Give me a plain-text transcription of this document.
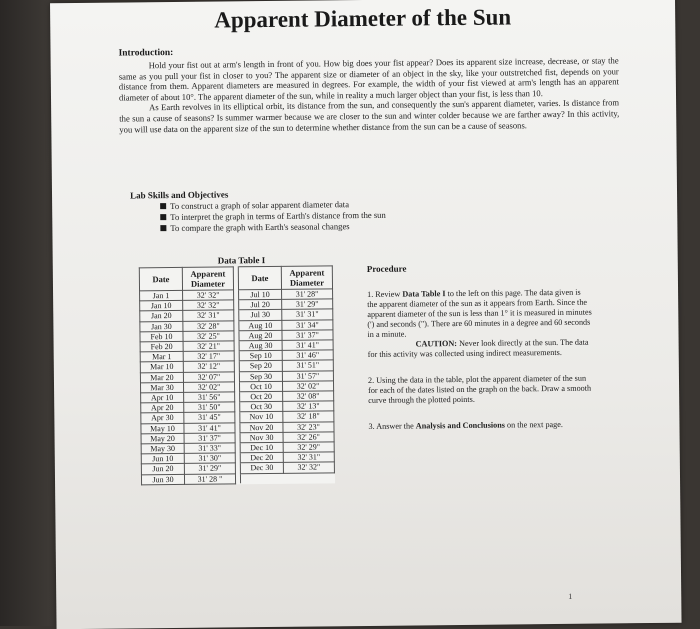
Apparent Diameter of the Sun
Introduction:

Hold your fist out at arm's length in front of you. How big does your fist appear? Does its apparent size increase, decrease, or stay the same as you pull your fist in closer to you? The apparent size or diameter of an object in the sky, like your outstretched fist, depends on your distance from them. Apparent diameters are measured in degrees. For example, the width of your fist viewed at arm's length has an apparent diameter of about 10°. The apparent diameter of the sun, while in reality a much larger object than your fist, is less than 10.

As Earth revolves in its elliptical orbit, its distance from the sun, and consequently the sun's apparent diameter, varies. Is distance from the sun a cause of seasons? Is summer warmer because we are closer to the sun and winter colder because we are farther away? In this activity, you will use data on the apparent size of the sun to determine whether distance from the sun can be a cause of seasons.

Lab Skills and Objectives
To construct a graph of solar apparent diameter data
To interpret the graph in terms of Earth's distance from the sun
To compare the graph with Earth's seasonal changes
Data Table I
Date	Apparent
Diameter		Date	Apparent
Diameter
Jan 1	32' 32"		Jul 10	31' 28"
Jan 10	32' 32"		Jul 20	31' 29"
Jan 20	32' 31"		Jul 30	31' 31"
Jan 30	32' 28"		Aug 10	31' 34"
Feb 10	32' 25"		Aug 20	31' 37"
Feb 20	32' 21"		Aug 30	31' 41"
Mar 1	32' 17"		Sep 10	31' 46"
Mar 10	32' 12"		Sep 20	31' 51"
Mar 20	32' 07"		Sep 30	31' 57"
Mar 30	32' 02"		Oct 10	32' 02"
Apr 10	31' 56"		Oct 20	32' 08"
Apr 20	31' 50"		Oct 30	32' 13"
Apr 30	31' 45"		Nov 10	32' 18"
May 10	31' 41"		Nov 20	32' 23"
May 20	31' 37"		Nov 30	32' 26"
May 30	31' 33"		Dec 10	32' 29"
Jun 10	31' 30"		Dec 20	32' 31"
Jun 20	31' 29"		Dec 30	32' 32"
Jun 30	31' 28 "			
Procedure
1. Review Data Table I to the left on this page. The data given is the apparent diameter of the sun as it appears from Earth. Since the apparent diameter of the sun is less than 1° it is measured in minutes (') and seconds ("). There are 60 minutes in a degree and 60 seconds in a minute.
CAUTION: Never look directly at the sun. The data for this activity was collected using indirect measurements.
2. Using the data in the table, plot the apparent diameter of the sun for each of the dates listed on the graph on the back. Draw a smooth curve through the plotted points.
3. Answer the Analysis and Conclusions on the next page.
1
